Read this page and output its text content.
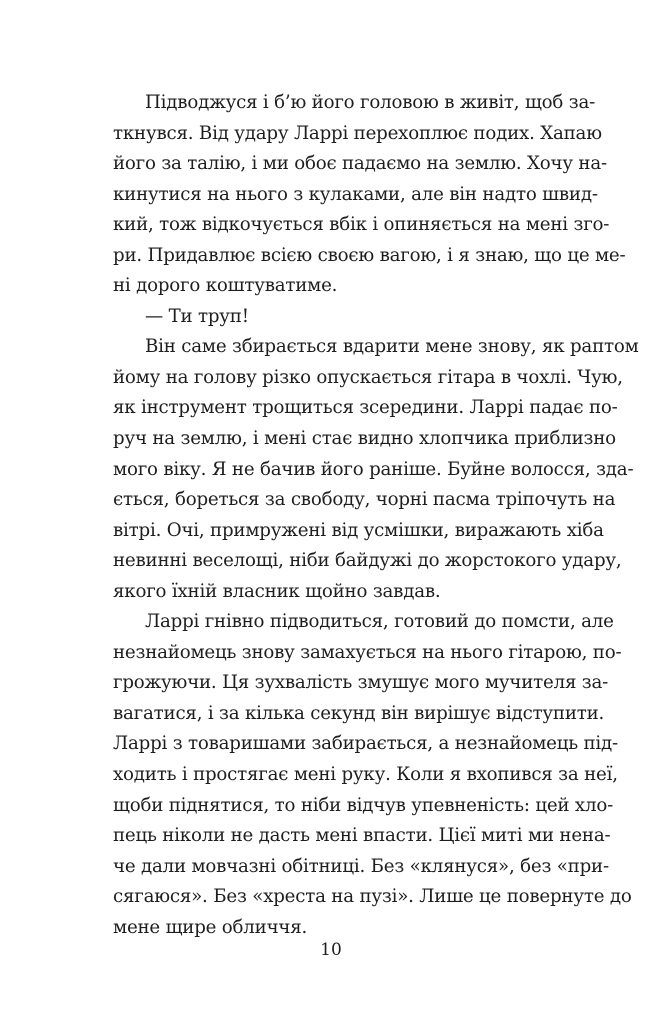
Підводжуся і б’ю його головою в живіт, щоб за-
ткнувся. Від удару Ларрі перехоплює подих. Хапаю
його за талію, і ми обоє падаємо на землю. Хочу на-
кинутися на нього з кулаками, але він надто швид-
кий, тож відкочується вбік і опиняється на мені зго-
ри. Придавлює всією своєю вагою, і я знаю, що це ме-
ні дорого коштуватиме.
— Ти труп!
Він саме збирається вдарити мене знову, як раптом
йому на голову різко опускається гітара в чохлі. Чую,
як інструмент трощиться зсередини. Ларрі падає по-
руч на землю, і мені стає видно хлопчика приблизно
мого віку. Я не бачив його раніше. Буйне волосся, зда-
ється, бореться за свободу, чорні пасма тріпочуть на
вітрі. Очі, примружені від усмішки, виражають хіба
невинні веселощі, ніби байдужі до жорстокого удару,
якого їхній власник щойно завдав.
Ларрі гнівно підводиться, готовий до помсти, але
незнайомець знову замахується на нього гітарою, по-
грожуючи. Ця зухвалість змушує мого мучителя за-
вагатися, і за кілька секунд він вирішує відступити.
Ларрі з товаришами забирається, а незнайомець під-
ходить і простягає мені руку. Коли я вхопився за неї,
щоби піднятися, то ніби відчув упевненість: цей хло-
пець ніколи не дасть мені впасти. Цієї миті ми нена-
че дали мовчазні обітниці. Без «клянуся», без «при-
сягаюся». Без «хреста на пузі». Лише це повернуте до
мене щире обличчя.
10
